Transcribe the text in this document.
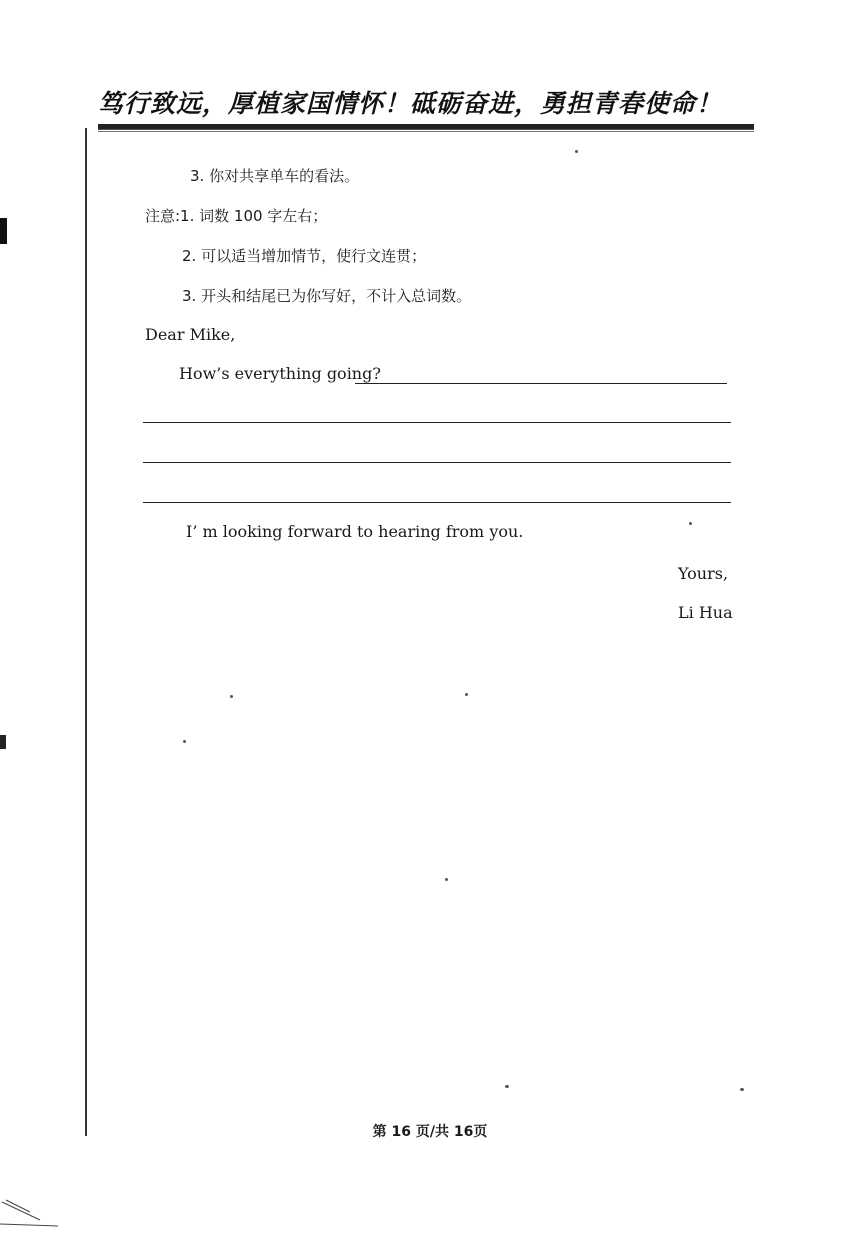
笃行致远，厚植家国情怀！砥砺奋进，勇担青春使命！
3. 你对共享单车的看法。
注意:1. 词数 100 字左右；
2. 可以适当增加情节，使行文连贯；
3. 开头和结尾已为你写好，不计入总词数。
Dear Mike,
How’s everything going?
I’ m looking forward to hearing from you.
Yours,
Li Hua
第 16 页/共 16页
